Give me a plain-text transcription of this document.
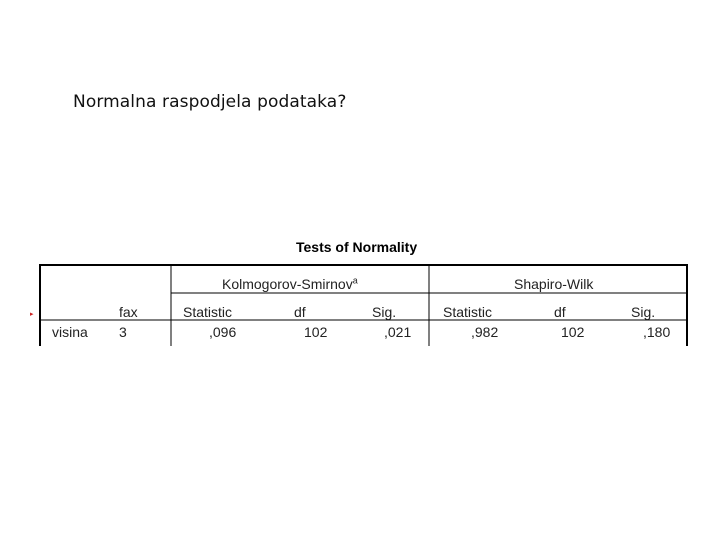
Normalna raspodjela podataka?
Tests of Normality
▸
Kolmogorov-Smirnov$^a$	Shapiro-Wilk
fax	Statistic	df	Sig.	Statistic	df	Sig.
visina 3	,096	102	,021	,982	102	,180
